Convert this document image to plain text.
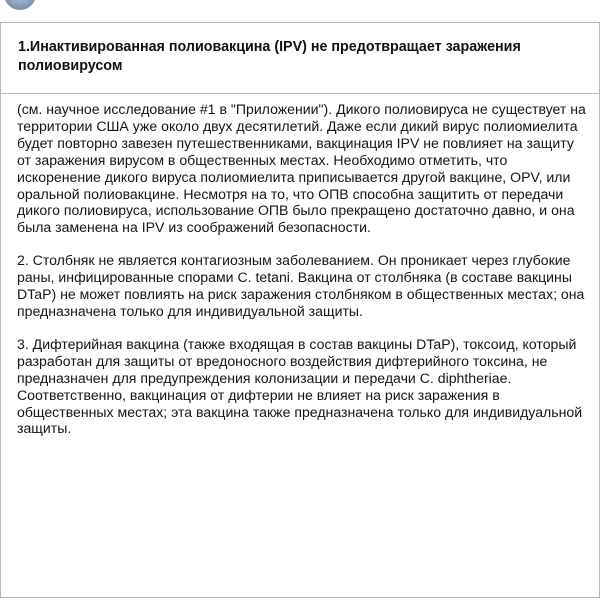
1.Инактивированная полиовакцина (IPV) не предотвращает заражения полиовирусом

(см. научное исследование #1 в "Приложении"). Дикого полиовируса не существует на территории США уже около двух десятилетий. Даже если дикий вирус полиомиелита будет повторно завезен путешественниками, вакцинация IPV не повлияет на защиту от заражения вирусом в общественных местах. Необходимо отметить, что искоренение дикого вируса полиомиелита приписывается другой вакцине, OPV, или оральной полиовакцине. Несмотря на то, что ОПВ способна защитить от передачи дикого полиовируса, использование ОПВ было прекращено достаточно давно, и она была заменена на IPV из соображений безопасности.

2. Столбняк не является контагиозным заболеванием. Он проникает через глубокие раны, инфицированные спорами C. tetani. Вакцина от столбняка (в составе вакцины DTaP) не может повлиять на риск заражения столбняком в общественных местах; она предназначена только для индивидуальной защиты.

3. Дифтерийная вакцина (также входящая в состав вакцины DTaP), токсоид, который разработан для защиты от вредоносного воздействия дифтерийного токсина, не предназначен для предупреждения колонизации и передачи C. diphtheriae. Соответственно, вакцинация от дифтерии не влияет на риск заражения в общественных местах; эта вакцина также предназначена только для индивидуальной защиты.
